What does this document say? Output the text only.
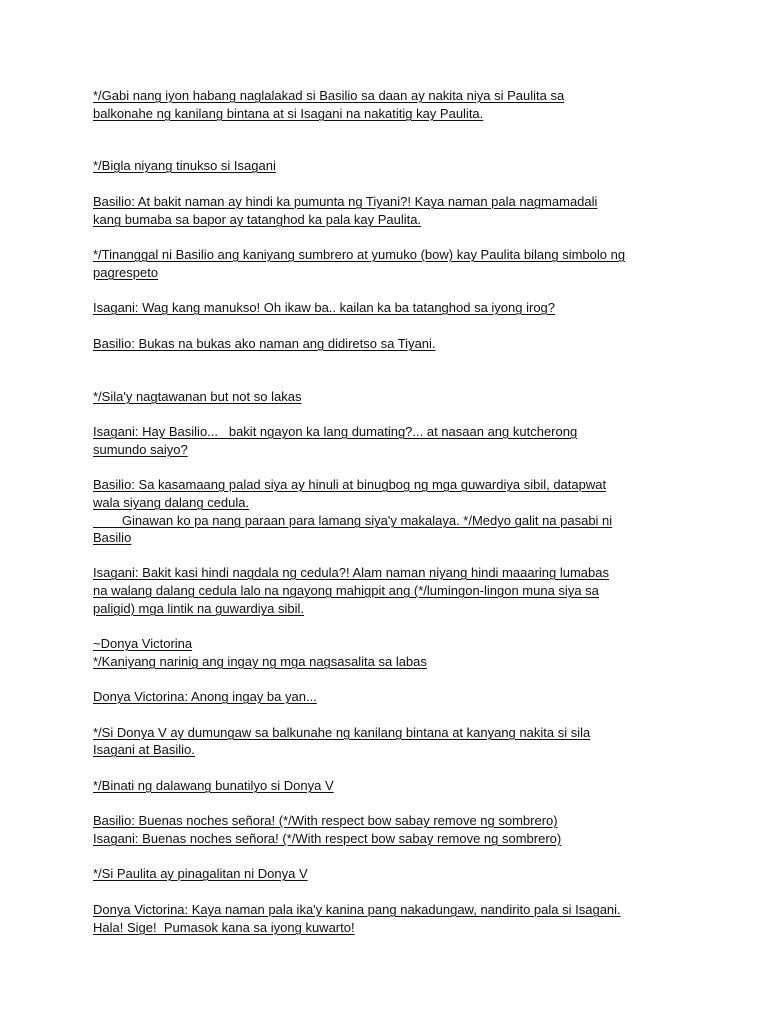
*/Gabi nang iyon habang naglalakad si Basilio sa daan ay nakita niya si Paulita sa
balkonahe ng kanilang bintana at si Isagani na nakatitig kay Paulita.
*/Bigla niyang tinukso si Isagani
Basilio: At bakit naman ay hindi ka pumunta ng Tiyani?! Kaya naman pala nagmamadali
kang bumaba sa bapor ay tatanghod ka pala kay Paulita.
*/Tinanggal ni Basilio ang kaniyang sumbrero at yumuko (bow) kay Paulita bilang simbolo ng
pagrespeto
Isagani: Wag kang manukso! Oh ikaw ba.. kailan ka ba tatanghod sa iyong irog?
Basilio: Bukas na bukas ako naman ang didiretso sa Tiyani.
*/Sila'y nagtawanan but not so lakas
Isagani: Hay Basilio...   bakit ngayon ka lang dumating?... at nasaan ang kutcherong
sumundo saiyo?
Basilio: Sa kasamaang palad siya ay hinuli at binugbog ng mga guwardiya sibil, datapwat
wala siyang dalang cedula.
Ginawan ko pa nang paraan para lamang siya'y makalaya. */Medyo galit na pasabi ni
Basilio
Isagani: Bakit kasi hindi nagdala ng cedula?! Alam naman niyang hindi maaaring lumabas
na walang dalang cedula lalo na ngayong mahigpit ang (*/lumingon-lingon muna siya sa
paligid) mga lintik na guwardiya sibil.
~Donya Victorina
*/Kaniyang narinig ang ingay ng mga nagsasalita sa labas
Donya Victorina: Anong ingay ba yan...
*/Si Donya V ay dumungaw sa balkunahe ng kanilang bintana at kanyang nakita si sila
Isagani at Basilio.
*/Binati ng dalawang bunatilyo si Donya V
Basilio: Buenas noches señora! (*/With respect bow sabay remove ng sombrero)
Isagani: Buenas noches señora! (*/With respect bow sabay remove ng sombrero)
*/Si Paulita ay pinagalitan ni Donya V
Donya Victorina: Kaya naman pala ika'y kanina pang nakadungaw, nandirito pala si Isagani.
Hala! Sige!  Pumasok kana sa iyong kuwarto!
